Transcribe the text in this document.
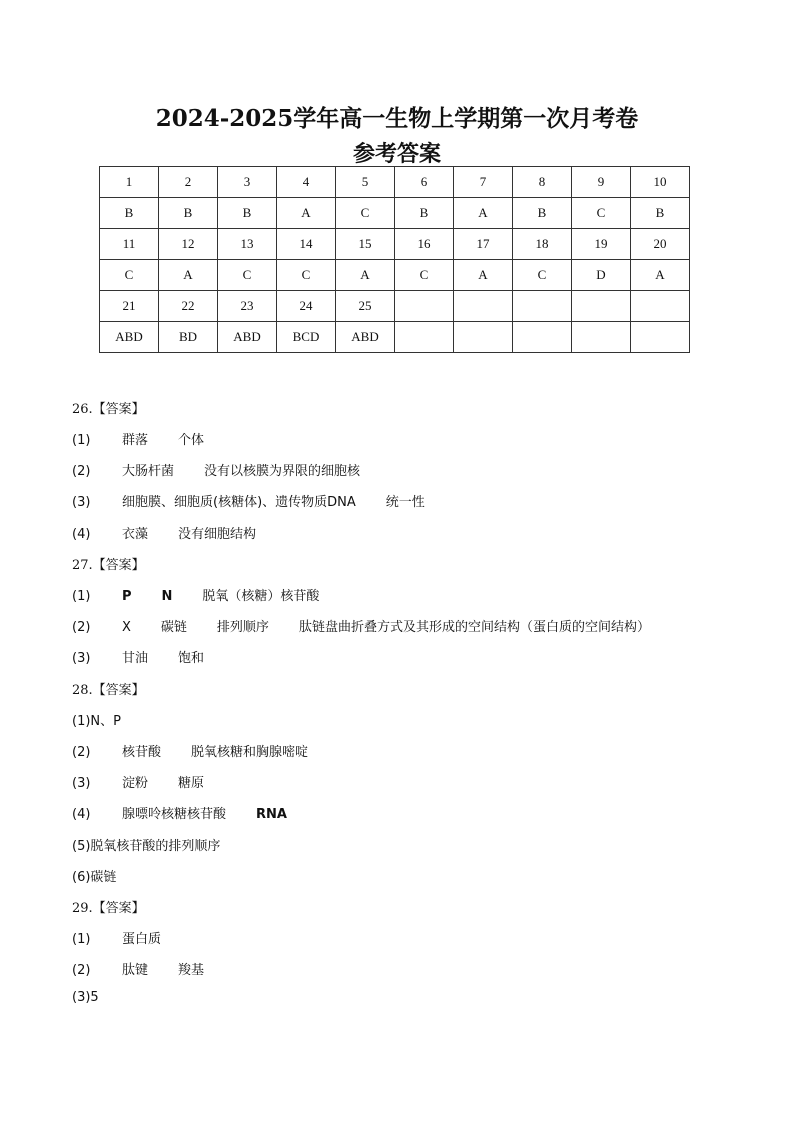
2024-2025学年高一生物上学期第一次月考卷
参考答案
1	2	3	4	5	6	7	8	9	10
B	B	B	A	C	B	A	B	C	B
11	12	13	14	15	16	17	18	19	20
C	A	C	C	A	C	A	C	D	A
21	22	23	24	25					
ABD	BD	ABD	BCD	ABD					
26.【答案】
(1) 群落 个体
(2) 大肠杆菌 没有以核膜为界限的细胞核
(3) 细胞膜、细胞质(核糖体)、遗传物质DNA 统一性
(4) 衣藻 没有细胞结构
27.【答案】
(1) P N 脱氧（核糖）核苷酸
(2) X 碳链 排列顺序 肽链盘曲折叠方式及其形成的空间结构（蛋白质的空间结构）
(3) 甘油 饱和
28.【答案】
(1)N、P
(2) 核苷酸 脱氧核糖和胸腺嘧啶
(3) 淀粉 糖原
(4) 腺嘌呤核糖核苷酸 RNA
(5)脱氧核苷酸的排列顺序
(6)碳链
29.【答案】
(1) 蛋白质
(2) 肽键 羧基
(3)5
